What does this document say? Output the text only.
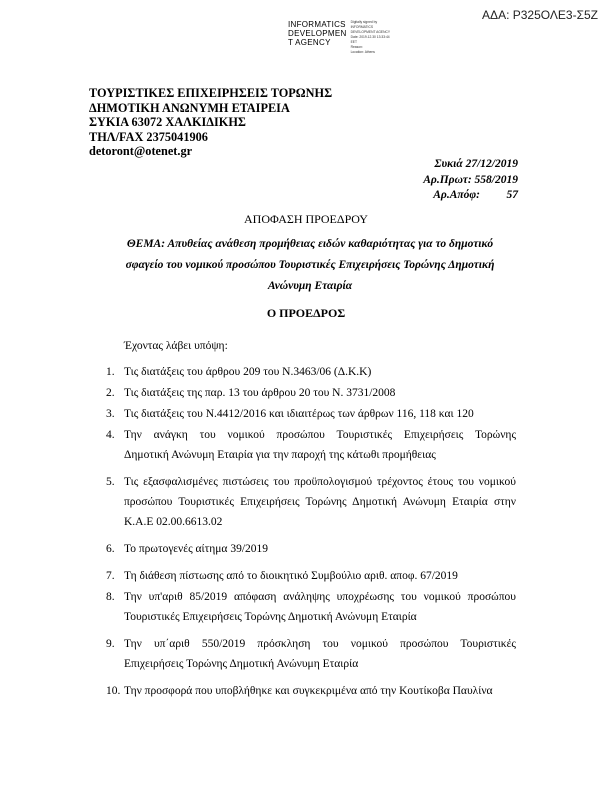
ΑΔΑ: Ρ325ΟΛΕ3-Σ5Ζ
INFORMATICS
DEVELOPMEN
T AGENCY
Digitally signed by
INFORMATICS
DEVELOPMENT AGENCY
Date: 2019.12.30 13:33:44
EET
Reason:
Location: Athens
ΤΟΥΡΙΣΤΙΚΕΣ ΕΠΙΧΕΙΡΗΣΕΙΣ ΤΟΡΩΝΗΣ
ΔΗΜΟΤΙΚΗ ΑΝΩΝΥΜΗ ΕΤΑΙΡΕΙΑ
ΣΥΚΙΑ 63072 ΧΑΛΚΙΔΙΚΗΣ
ΤΗΛ/FAX 2375041906
detoront@otenet.gr
Συκιά 27/12/2019
Αρ.Πρωτ: 558/2019
Αρ.Απόφ: 57
ΑΠΟΦΑΣΗ ΠΡΟΕΔΡΟΥ
ΘΕΜΑ: Απυθείας ανάθεση προμήθειας ειδών καθαριότητας για το δημοτικό σφαγείο του νομικού προσώπου Τουριστικές Επιχειρήσεις Τορώνης Δημοτική Ανώνυμη Εταιρία
Ο ΠΡΟΕΔΡΟΣ
Έχοντας λάβει υπόψη:
1. Τις διατάξεις του άρθρου 209 του Ν.3463/06 (Δ.Κ.Κ)
2. Τις διατάξεις της παρ. 13 του άρθρου 20 του Ν. 3731/2008
3. Τις διατάξεις του Ν.4412/2016 και ιδιαιτέρως των άρθρων 116, 118 και 120
4. Την ανάγκη του νομικού προσώπου Τουριστικές Επιχειρήσεις Τορώνης
Δημοτική Ανώνυμη Εταιρία για την παροχή της κάτωθι προμήθειας
5. Τις εξασφαλισμένες πιστώσεις του προϋπολογισμού τρέχοντος έτους του νομικού
προσώπου Τουριστικές Επιχειρήσεις Τορώνης Δημοτική Ανώνυμη Εταιρία στην
Κ.Α.Ε 02.00.6613.02
6. Το πρωτογενές αίτημα 39/2019
7. Τη διάθεση πίστωσης από το διοικητικό Συμβούλιο αριθ. αποφ. 67/2019
8. Την υπ'αριθ 85/2019 απόφαση ανάληψης υποχρέωσης του νομικού προσώπου
Τουριστικές Επιχειρήσεις Τορώνης Δημοτική Ανώνυμη Εταιρία
9. Την υπ΄αριθ 550/2019 πρόσκληση του νομικού προσώπου Τουριστικές
Επιχειρήσεις Τορώνης Δημοτική Ανώνυμη Εταιρία
10. Την προσφορά που υποβλήθηκε και συγκεκριμένα από την Κουτίκοβα Παυλίνα
